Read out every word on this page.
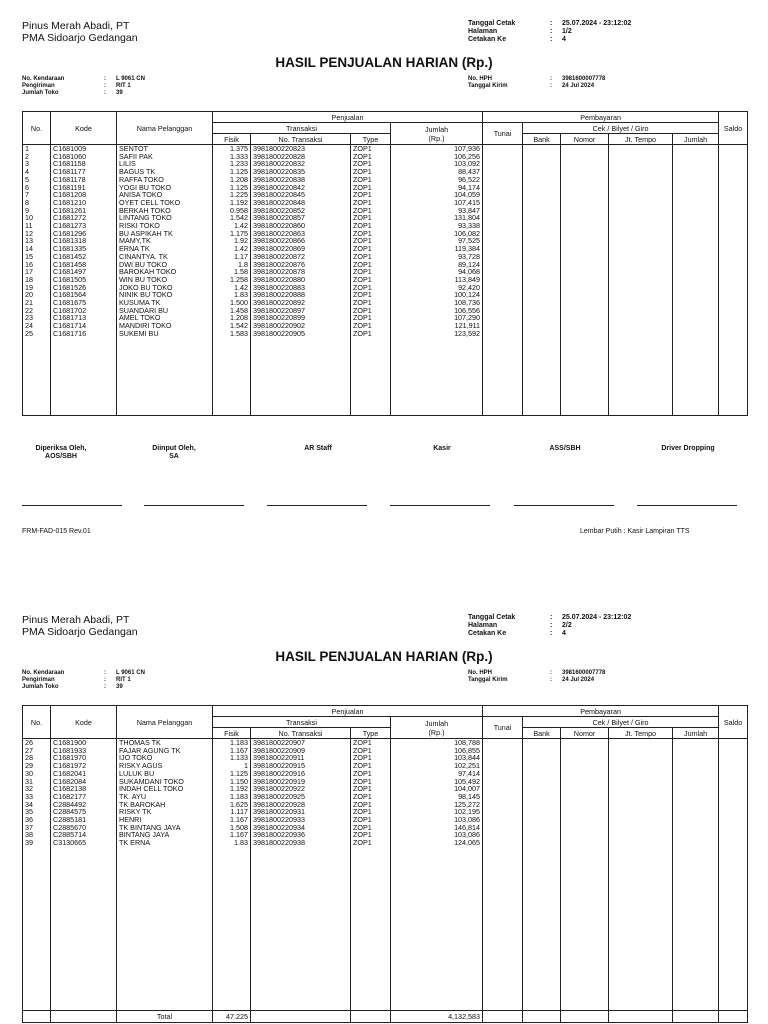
Pinus Merah Abadi, PT
PMA Sidoarjo Gedangan
Tanggal Cetak	:	25.07.2024 - 23:12:02
Halaman	:	1/2
Cetakan Ke	:	4
HASIL PENJUALAN HARIAN (Rp.)
No. Kendaraan	:	L 9061 CN
Pengiriman	:	RIT 1
Jumlah Toko	:	39
No. HPH	:	3981600007778
Tanggal Kirim	:	24 Jul 2024
No.	Kode	Nama Pelanggan	Penjualan				Pembayaran					Saldo
			Transaksi			Jumlah
(Rp.)	Tunai	Cek / Bilyet / Giro				
			Fisik	No. Transaksi	Type			Bank	Nomor	Jt. Tempo	Jumlah	
1	C1681009	SENTOT	1.375	3981800220823	ZOP1	107,936						
2	C1681060	SAFII PAK	1.333	3981800220828	ZOP1	106,256						
3	C1681158	LILIS	1.233	3981800220832	ZOP1	103,092						
4	C1681177	BAGUS TK	1.125	3981800220835	ZOP1	88,437						
5	C1681178	RAFFA TOKO	1.208	3981800220838	ZOP1	96,522						
6	C1681191	YOGI BU TOKO	1.125	3981800220842	ZOP1	94,174						
7	C1681208	ANISA TOKO	1.225	3981800220845	ZOP1	104,059						
8	C1681210	OYET CELL TOKO	1.192	3981800220848	ZOP1	107,415						
9	C1681261	BERKAH TOKO	0.958	3981800220852	ZOP1	93,847						
10	C1681272	LINTANG TOKO	1.542	3981800220857	ZOP1	131,804						
11	C1681273	RISKI TOKO	1.42	3981800220860	ZOP1	93,338						
12	C1681296	BU ASPIKAH TK	1.175	3981800220863	ZOP1	106,082						
13	C1681318	MAMY,TK	1.92	3981800220866	ZOP1	97,525						
14	C1681335	ERNA TK	1.42	3981800220869	ZOP1	119,384						
15	C1681452	CINANTYA. TK	1.17	3981800220872	ZOP1	93,728						
16	C1681458	DWI BU TOKO	1.8	3981800220876	ZOP1	89,124						
17	C1681497	BAROKAH TOKO	1.58	3981800220878	ZOP1	94,068						
18	C1681505	WIN BU TOKO	1.258	3981800220880	ZOP1	113,849						
19	C1681526	JOKO BU TOKO	1.42	3981800220883	ZOP1	92,420						
20	C1681564	NINIK BU TOKO	1.83	3981800220888	ZOP1	100,124						
21	C1681675	KUSUMA TK	1.500	3981800220892	ZOP1	108,736						
22	C1681702	SUANDARI BU	1.458	3981800220897	ZOP1	106,556						
23	C1681713	AMEL TOKO	1.208	3981800220899	ZOP1	107,290						
24	C1681714	MANDIRI TOKO	1.542	3981800220902	ZOP1	121,911						
25	C1681716	SUKEMI BU	1.583	3981800220905	ZOP1	123,592						

Diperiksa Oleh,
AOS/SBH
Diinput Oleh,
SA
AR Staff	Kasir	ASS/SBH	Driver Dropping
FRM-FAD-015 Rev.01	Lembar Putih : Kasir Lampiran TTS
Pinus Merah Abadi, PT
PMA Sidoarjo Gedangan
Tanggal Cetak	:	25.07.2024 - 23:12:02
Halaman	:	2/2
Cetakan Ke	:	4
HASIL PENJUALAN HARIAN (Rp.)
No. Kendaraan	:	L 9061 CN
Pengiriman	:	RIT 1
Jumlah Toko	:	39
No. HPH	:	3981600007778
Tanggal Kirim	:	24 Jul 2024
No.	Kode	Nama Pelanggan	Penjualan				Pembayaran					Saldo
			Transaksi			Jumlah
(Rp.)	Tunai	Cek / Bilyet / Giro				
			Fisik	No. Transaksi	Type			Bank	Nomor	Jt. Tempo	Jumlah	
26	C1681900	THOMAS TK	1.183	3981800220907	ZOP1	108,788						
27	C1681933	FAJAR AGUNG TK	1.167	3981800220909	ZOP1	106,855						
28	C1681970	IJO TOKO	1.133	3981800220911	ZOP1	103,844						
29	C1681972	RISKY AGUS	1	3981800220915	ZOP1	102,251						
30	C1682041	LULUK BU	1.125	3981800220916	ZOP1	97,414						
31	C1682084	SUKAMDANI TOKO	1.150	3981800220919	ZOP1	105,492						
32	C1682138	INDAH CELL TOKO	1.192	3981800220922	ZOP1	104,007						
33	C1682177	TK. AYU	1.183	3981800220925	ZOP1	98,145						
34	C2884492	TK BAROKAH	1.625	3981800220928	ZOP1	125,272						
35	C2884575	RISKY TK	1.117	3981800220931	ZOP1	102,195						
36	C2885181	HENRI	1.167	3981800220933	ZOP1	103,086						
37	C2885670	TK BINTANG JAYA	1.508	3981800220934	ZOP1	146,814						
38	C2885714	BINTANG JAYA	1.167	3981800220936	ZOP1	103,086						
39	C3130665	TK ERNA	1.83	3981800220938	ZOP1	124,065						

		Total	47.225			4,132,583						
